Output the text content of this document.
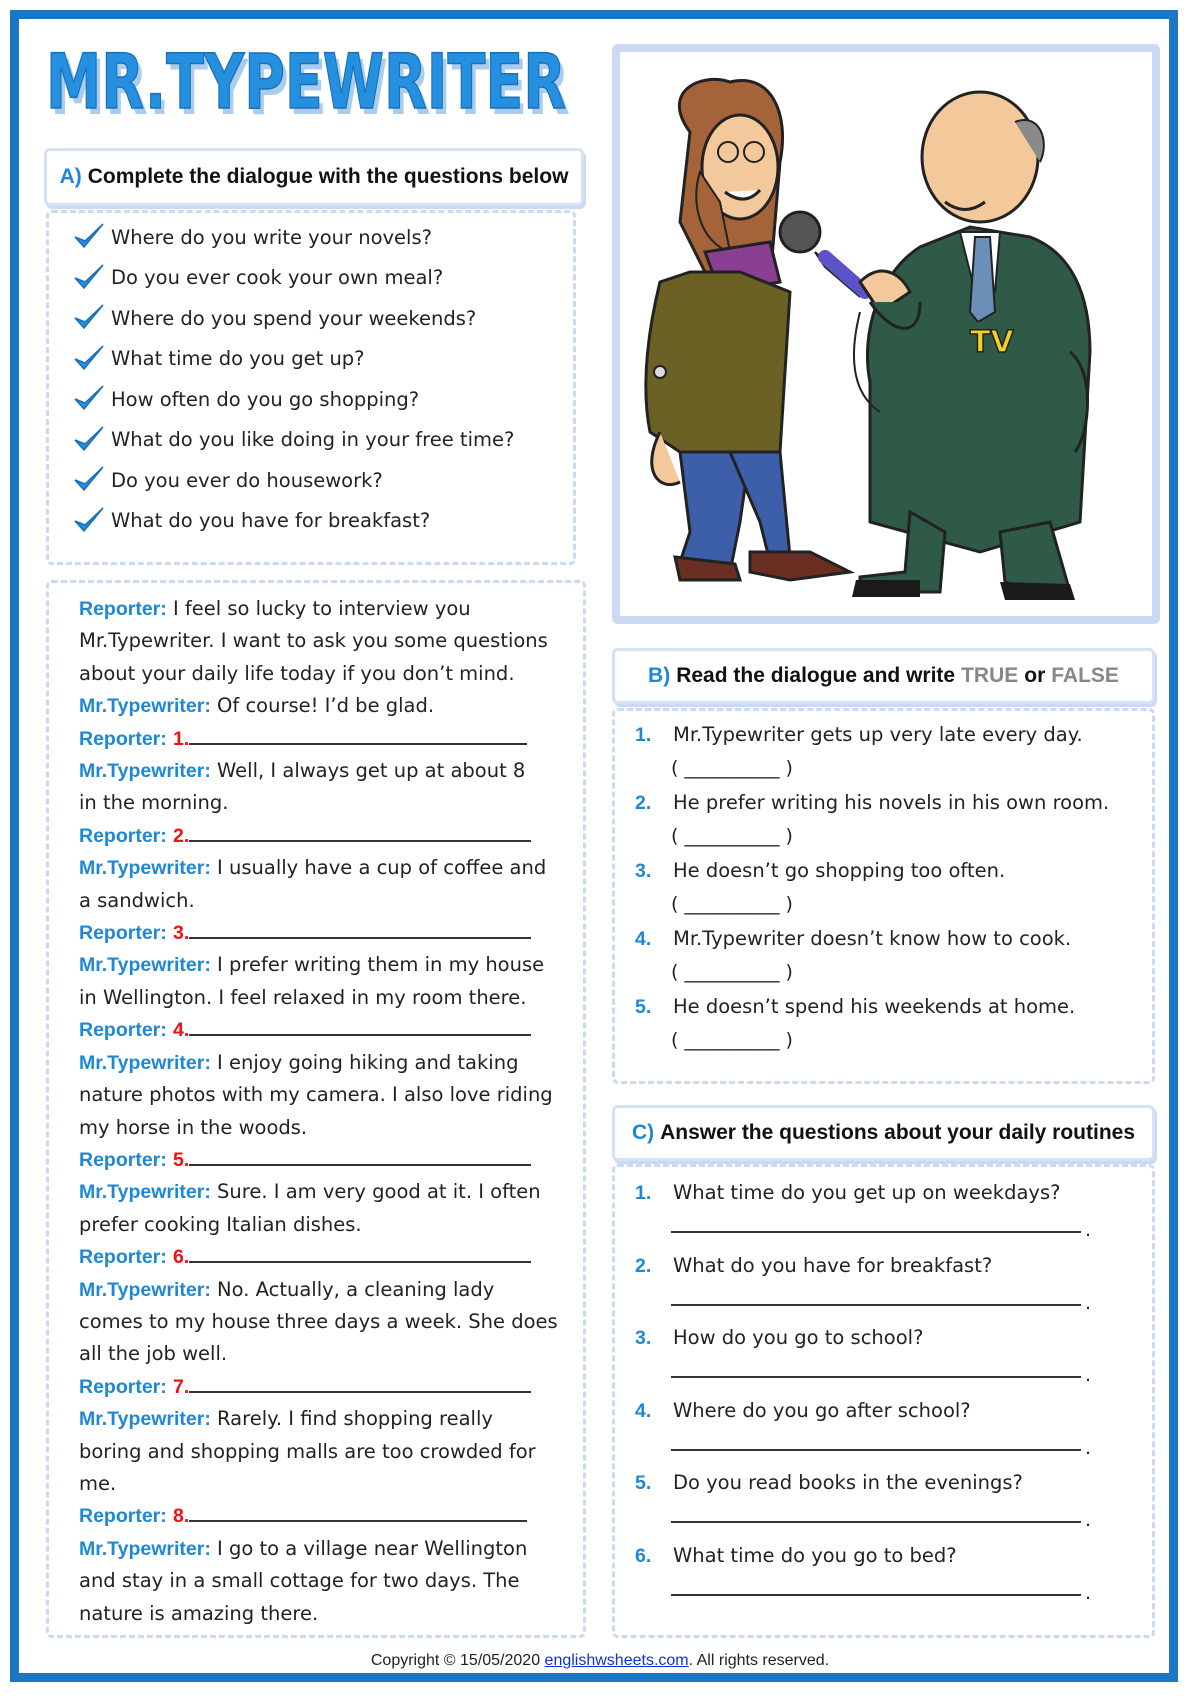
MR.TYPEWRITER
MR.TYPEWRITER
A) Complete the dialogue with the questions below
Where do you write your novels?
Do you ever cook your own meal?
Where do you spend your weekends?
What time do you get up?
How often do you go shopping?
What do you like doing in your free time?
Do you ever do housework?
What do you have for breakfast?
Reporter: I feel so lucky to interview you
Mr.Typewriter. I want to ask you some questions
about your daily life today if you don’t mind.
Mr.Typewriter: Of course! I’d be glad.
Reporter: 1.
Mr.Typewriter: Well, I always get up at about 8
in the morning.
Reporter: 2.
Mr.Typewriter: I usually have a cup of coffee and
a sandwich.
Reporter: 3.
Mr.Typewriter: I prefer writing them in my house
in Wellington. I feel relaxed in my room there.
Reporter: 4.
Mr.Typewriter: I enjoy going hiking and taking
nature photos with my camera. I also love riding
my horse in the woods.
Reporter: 5.
Mr.Typewriter: Sure. I am very good at it. I often
prefer cooking Italian dishes.
Reporter: 6.
Mr.Typewriter: No. Actually, a cleaning lady
comes to my house three days a week. She does
all the job well.
Reporter: 7.
Mr.Typewriter: Rarely. I find shopping really
boring and shopping malls are too crowded for
me.
Reporter: 8.
Mr.Typewriter: I go to a village near Wellington
and stay in a small cottage for two days. The
nature is amazing there.
TV
B) Read the dialogue and write TRUE or FALSE
1. Mr.Typewriter gets up very late every day.
( __________ )
2. He prefer writing his novels in his own room.
( __________ )
3. He doesn’t go shopping too often.
( __________ )
4. Mr.Typewriter doesn’t know how to cook.
( __________ )
5. He doesn’t spend his weekends at home.
( __________ )
C) Answer the questions about your daily routines
1. What time do you get up on weekdays?
.
2. What do you have for breakfast?
.
3. How do you go to school?
.
4. Where do you go after school?
.
5. Do you read books in the evenings?
.
6. What time do you go to bed?
.
Copyright © 15/05/2020 englishwsheets.com. All rights reserved.
